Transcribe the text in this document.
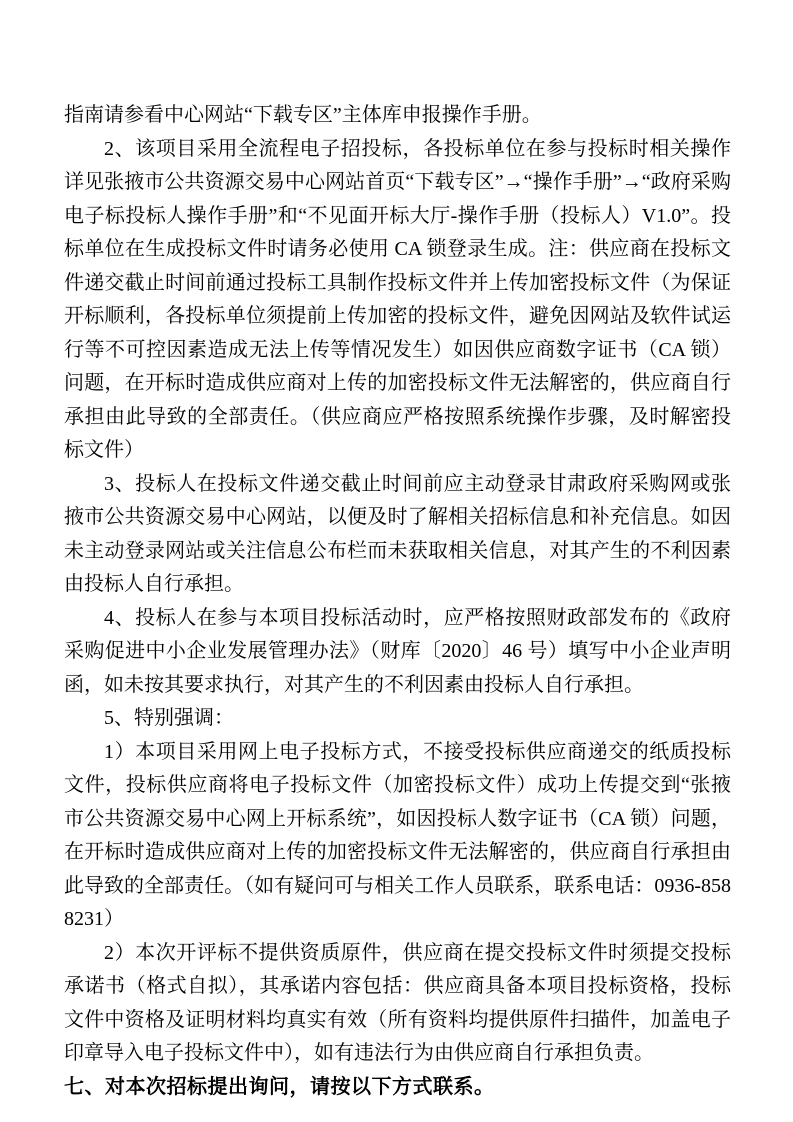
指南请参看中心网站“下载专区”主体库申报操作手册。

2、该项目采用全流程电子招投标，各投标单位在参与投标时相关操作详见张掖市公共资源交易中心网站首页“下载专区”→“操作手册”→“政府采购电子标投标人操作手册”和“不见面开标大厅-操作手册（投标人）V1.0”。投标单位在生成投标文件时请务必使用 CA 锁登录生成。注：供应商在投标文件递交截止时间前通过投标工具制作投标文件并上传加密投标文件（为保证开标顺利，各投标单位须提前上传加密的投标文件，避免因网站及软件试运行等不可控因素造成无法上传等情况发生）如因供应商数字证书（CA 锁）问题，在开标时造成供应商对上传的加密投标文件无法解密的，供应商自行承担由此导致的全部责任。（供应商应严格按照系统操作步骤，及时解密投标文件）

3、投标人在投标文件递交截止时间前应主动登录甘肃政府采购网或张掖市公共资源交易中心网站，以便及时了解相关招标信息和补充信息。如因未主动登录网站或关注信息公布栏而未获取相关信息，对其产生的不利因素由投标人自行承担。

4、投标人在参与本项目投标活动时，应严格按照财政部发布的《政府采购促进中小企业发展管理办法》（财库〔2020〕46 号）填写中小企业声明函，如未按其要求执行，对其产生的不利因素由投标人自行承担。

5、特别强调：

1）本项目采用网上电子投标方式，不接受投标供应商递交的纸质投标文件，投标供应商将电子投标文件（加密投标文件）成功上传提交到“张掖市公共资源交易中心网上开标系统”，如因投标人数字证书（CA 锁）问题，在开标时造成供应商对上传的加密投标文件无法解密的，供应商自行承担由此导致的全部责任。（如有疑问可与相关工作人员联系，联系电话：0936-8588231）

2）本次开评标不提供资质原件，供应商在提交投标文件时须提交投标承诺书（格式自拟），其承诺内容包括：供应商具备本项目投标资格，投标文件中资格及证明材料均真实有效（所有资料均提供原件扫描件，加盖电子印章导入电子投标文件中），如有违法行为由供应商自行承担负责。

七、对本次招标提出询问，请按以下方式联系。
